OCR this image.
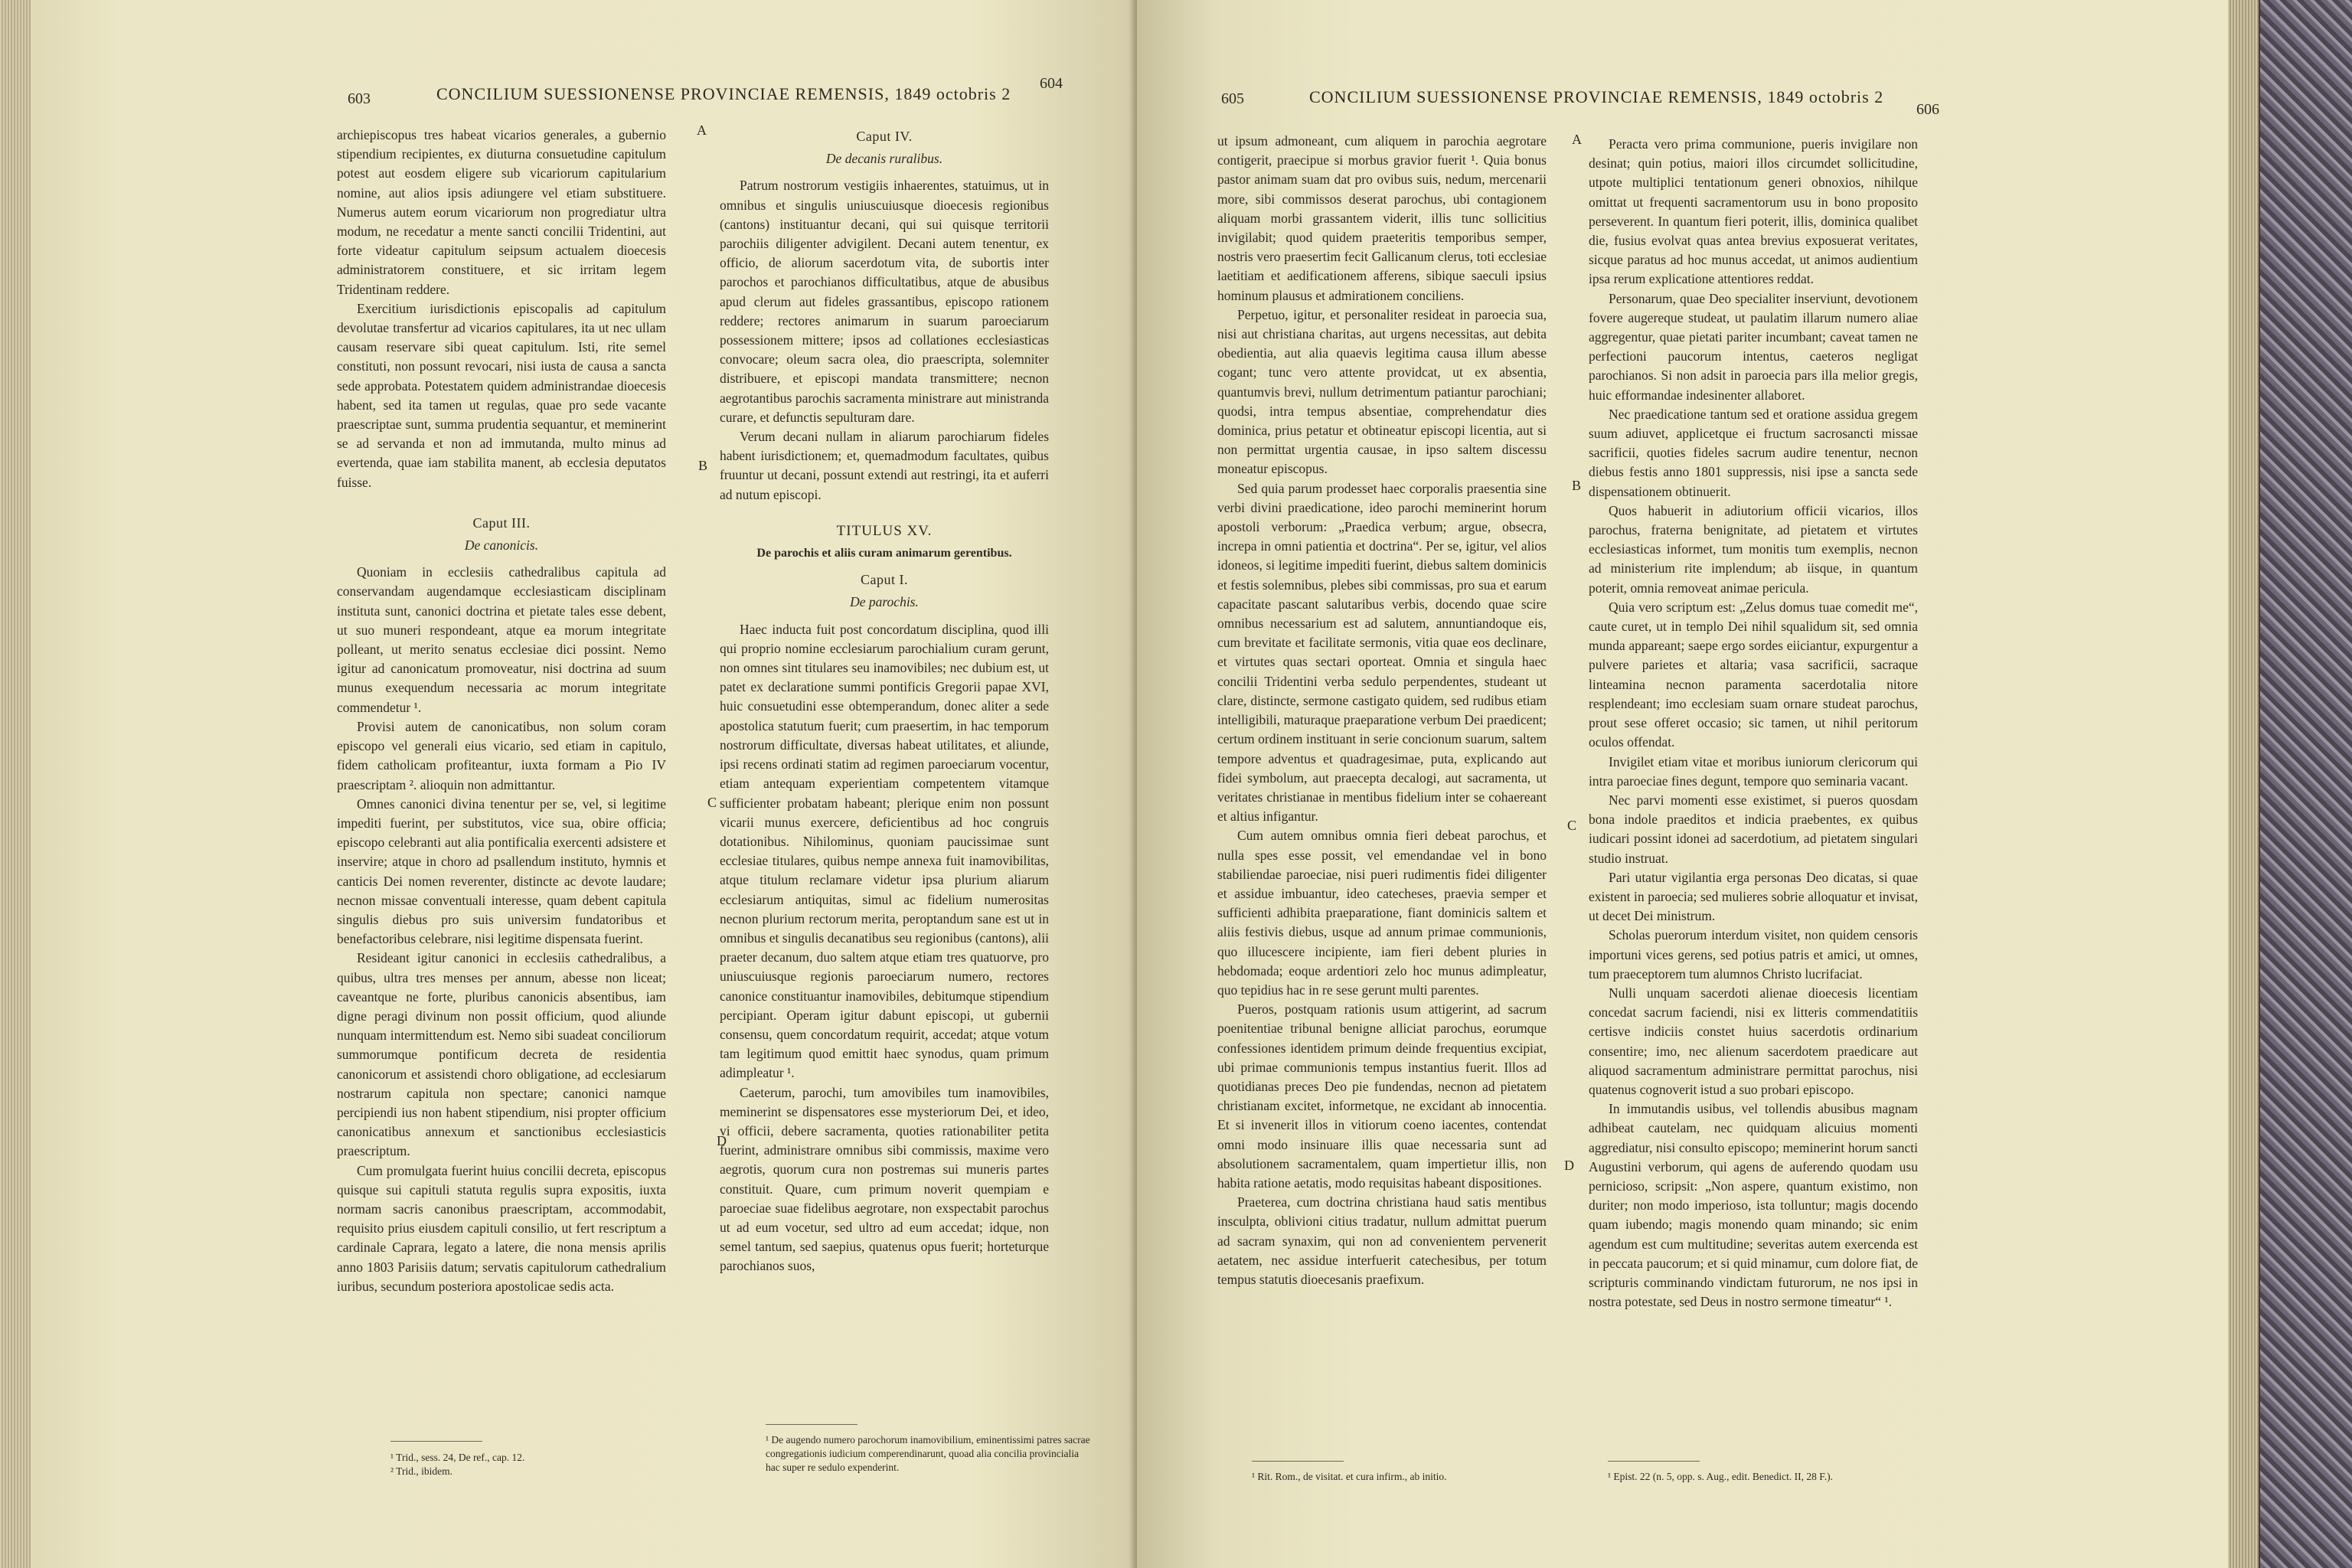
603	CONCILIUM SUESSIONENSE PROVINCIAE REMENSIS, 1849 octobris 2
604

archiepiscopus tres habeat vicarios generales, a gubernio stipendium recipientes, ex diuturna consuetudine capitulum potest aut eosdem eligere sub vicariorum capitularium nomine, aut alios ipsis adiungere vel etiam substituere. Numerus autem eorum vicariorum non progrediatur ultra modum, ne recedatur a mente sancti concilii Tridentini, aut forte videatur capitulum seipsum actualem dioecesis administratorem constituere, et sic irritam legem Tridentinam reddere.

Exercitium iurisdictionis episcopalis ad capitulum devolutae transfertur ad vicarios capitulares, ita ut nec ullam causam reservare sibi queat capitulum. Isti, rite semel constituti, non possunt revocari, nisi iusta de causa a sancta sede approbata. Potestatem quidem administrandae dioecesis habent, sed ita tamen ut regulas, quae pro sede vacante praescriptae sunt, summa prudentia sequantur, et meminerint se ad servanda et non ad immutanda, multo minus ad evertenda, quae iam stabilita manent, ab ecclesia deputatos fuisse.

Caput III.
De canonicis.

Quoniam in ecclesiis cathedralibus capitula ad conservandam augendamque ecclesiasticam disciplinam instituta sunt, canonici doctrina et pietate tales esse debent, ut suo muneri respondeant, atque ea morum integritate polleant, ut merito senatus ecclesiae dici possint. Nemo igitur ad canonicatum promoveatur, nisi doctrina ad suum munus exequendum necessaria ac morum integritate commendetur ¹.

Provisi autem de canonicatibus, non solum coram episcopo vel generali eius vicario, sed etiam in capitulo, fidem catholicam profiteantur, iuxta formam a Pio IV praescriptam ². alioquin non admittantur.

Omnes canonici divina tenentur per se, vel, si legitime impediti fuerint, per substitutos, vice sua, obire officia; episcopo celebranti aut alia pontificalia exercenti adsistere et inservire; atque in choro ad psallendum instituto, hymnis et canticis Dei nomen reverenter, distincte ac devote laudare; necnon missae conventuali interesse, quam debent capitula singulis diebus pro suis universim fundatoribus et benefactoribus celebrare, nisi legitime dispensata fuerint.

Resideant igitur canonici in ecclesiis cathedralibus, a quibus, ultra tres menses per annum, abesse non liceat; caveantque ne forte, pluribus canonicis absentibus, iam digne peragi divinum non possit officium, quod aliunde nunquam intermittendum est. Nemo sibi suadeat conciliorum summorumque pontificum decreta de residentia canonicorum et assistendi choro obligatione, ad ecclesiarum nostrarum capitula non spectare; canonici namque percipiendi ius non habent stipendium, nisi propter officium canonicatibus annexum et sanctionibus ecclesiasticis praescriptum.

Cum promulgata fuerint huius concilii decreta, episcopus quisque sui capituli statuta regulis supra expositis, iuxta normam sacris canonibus praescriptam, accommodabit, requisito prius eiusdem capituli consilio, ut fert rescriptum a cardinale Caprara, legato a latere, die nona mensis aprilis anno 1803 Parisiis datum; servatis capitulorum cathedralium iuribus, secundum posteriora apostolicae sedis acta.

¹ Trid., sess. 24, De ref., cap. 12.
² Trid., ibidem.
A
B
C
D
Caput IV.
De decanis ruralibus.

Patrum nostrorum vestigiis inhaerentes, statuimus, ut in omnibus et singulis uniuscuiusque dioecesis regionibus (cantons) instituantur decani, qui sui quisque territorii parochiis diligenter advigilent. Decani autem tenentur, ex officio, de aliorum sacerdotum vita, de subortis inter parochos et parochianos difficultatibus, atque de abusibus apud clerum aut fideles grassantibus, episcopo rationem reddere; rectores animarum in suarum paroeciarum possessionem mittere; ipsos ad collationes ecclesiasticas convocare; oleum sacra olea, dio praescripta, solemniter distribuere, et episcopi mandata transmittere; necnon aegrotantibus parochis sacramenta ministrare aut ministranda curare, et defunctis sepulturam dare.

Verum decani nullam in aliarum parochiarum fideles habent iurisdictionem; et, quemadmodum facultates, quibus fruuntur ut decani, possunt extendi aut restringi, ita et auferri ad nutum episcopi.

TITULUS XV.
De parochis et aliis curam animarum gerentibus.
Caput I.
De parochis.

Haec inducta fuit post concordatum disciplina, quod illi qui proprio nomine ecclesiarum parochialium curam gerunt, non omnes sint titulares seu inamovibiles; nec dubium est, ut patet ex declaratione summi pontificis Gregorii papae XVI, huic consuetudini esse obtemperandum, donec aliter a sede apostolica statutum fuerit; cum praesertim, in hac temporum nostrorum difficultate, diversas habeat utilitates, et aliunde, ipsi recens ordinati statim ad regimen paroeciarum vocentur, etiam antequam experientiam competentem vitamque sufficienter probatam habeant; plerique enim non possunt vicarii munus exercere, deficientibus ad hoc congruis dotationibus. Nihilominus, quoniam paucissimae sunt ecclesiae titulares, quibus nempe annexa fuit inamovibilitas, atque titulum reclamare videtur ipsa plurium aliarum ecclesiarum antiquitas, simul ac fidelium numerositas necnon plurium rectorum merita, peroptandum sane est ut in omnibus et singulis decanatibus seu regionibus (cantons), alii praeter decanum, duo saltem atque etiam tres quatuorve, pro uniuscuiusque regionis paroeciarum numero, rectores canonice constituantur inamovibiles, debitumque stipendium percipiant. Operam igitur dabunt episcopi, ut gubernii consensu, quem concordatum requirit, accedat; atque votum tam legitimum quod emittit haec synodus, quam primum adimpleatur ¹.

Caeterum, parochi, tum amovibiles tum inamovibiles, meminerint se dispensatores esse mysteriorum Dei, et ideo, vi officii, debere sacramenta, quoties rationabiliter petita fuerint, administrare omnibus sibi commissis, maxime vero aegrotis, quorum cura non postremas sui muneris partes constituit. Quare, cum primum noverit quempiam e paroeciae suae fidelibus aegrotare, non exspectabit parochus ut ad eum vocetur, sed ultro ad eum accedat; idque, non semel tantum, sed saepius, quatenus opus fuerit; horteturque parochianos suos,

¹ De augendo numero parochorum inamovibilium, eminentissimi patres sacrae congregationis iudicium comperendinarunt, quoad alia concilia provincialia hac super re sedulo expenderint.
605	CONCILIUM SUESSIONENSE PROVINCIAE REMENSIS, 1849 octobris 2
606

ut ipsum admoneant, cum aliquem in parochia aegrotare contigerit, praecipue si morbus gravior fuerit ¹. Quia bonus pastor animam suam dat pro ovibus suis, nedum, mercenarii more, sibi commissos deserat parochus, ubi contagionem aliquam morbi grassantem viderit, illis tunc sollicitius invigilabit; quod quidem praeteritis temporibus semper, nostris vero praesertim fecit Gallicanum clerus, toti ecclesiae laetitiam et aedificationem afferens, sibique saeculi ipsius hominum plausus et admirationem conciliens.

Perpetuo, igitur, et personaliter resideat in paroecia sua, nisi aut christiana charitas, aut urgens necessitas, aut debita obedientia, aut alia quaevis legitima causa illum abesse cogant; tunc vero attente providcat, ut ex absentia, quantumvis brevi, nullum detrimentum patiantur parochiani; quodsi, intra tempus absentiae, comprehendatur dies dominica, prius petatur et obtineatur episcopi licentia, aut si non permittat urgentia causae, in ipso saltem discessu moneatur episcopus.

Sed quia parum prodesset haec corporalis praesentia sine verbi divini praedicatione, ideo parochi meminerint horum apostoli verborum: „Praedica verbum; argue, obsecra, increpa in omni patientia et doctrina“. Per se, igitur, vel alios idoneos, si legitime impediti fuerint, diebus saltem dominicis et festis solemnibus, plebes sibi commissas, pro sua et earum capacitate pascant salutaribus verbis, docendo quae scire omnibus necessarium est ad salutem, annuntiandoque eis, cum brevitate et facilitate sermonis, vitia quae eos declinare, et virtutes quas sectari oporteat. Omnia et singula haec concilii Tridentini verba sedulo perpendentes, studeant ut clare, distincte, sermone castigato quidem, sed rudibus etiam intelligibili, maturaque praeparatione verbum Dei praedicent; certum ordinem instituant in serie concionum suarum, saltem tempore adventus et quadragesimae, puta, explicando aut fidei symbolum, aut praecepta decalogi, aut sacramenta, ut veritates christianae in mentibus fidelium inter se cohaereant et altius infigantur.

Cum autem omnibus omnia fieri debeat parochus, et nulla spes esse possit, vel emendandae vel in bono stabiliendae paroeciae, nisi pueri rudimentis fidei diligenter et assidue imbuantur, ideo catecheses, praevia semper et sufficienti adhibita praeparatione, fiant dominicis saltem et aliis festivis diebus, usque ad annum primae communionis, quo illucescere incipiente, iam fieri debent pluries in hebdomada; eoque ardentiori zelo hoc munus adimpleatur, quo tepidius hac in re sese gerunt multi parentes.

Pueros, postquam rationis usum attigerint, ad sacrum poenitentiae tribunal benigne alliciat parochus, eorumque confessiones identidem primum deinde frequentius excipiat, ubi primae communionis tempus instantius fuerit. Illos ad quotidianas preces Deo pie fundendas, necnon ad pietatem christianam excitet, informetque, ne excidant ab innocentia. Et si invenerit illos in vitiorum coeno iacentes, contendat omni modo insinuare illis quae necessaria sunt ad absolutionem sacramentalem, quam impertietur illis, non habita ratione aetatis, modo requisitas habeant dispositiones.

Praeterea, cum doctrina christiana haud satis mentibus insculpta, oblivioni citius tradatur, nullum admittat puerum ad sacram synaxim, qui non ad convenientem pervenerit aetatem, nec assidue interfuerit catechesibus, per totum tempus statutis dioecesanis praefixum.

¹ Rit. Rom., de visitat. et cura infirm., ab initio.
A
B
C
D

Peracta vero prima communione, pueris invigilare non desinat; quin potius, maiori illos circumdet sollicitudine, utpote multiplici tentationum generi obnoxios, nihilque omittat ut frequenti sacramentorum usu in bono proposito perseverent. In quantum fieri poterit, illis, dominica qualibet die, fusius evolvat quas antea brevius exposuerat veritates, sicque paratus ad hoc munus accedat, ut animos audientium ipsa rerum explicatione attentiores reddat.

Personarum, quae Deo specialiter inserviunt, devotionem fovere augereque studeat, ut paulatim illarum numero aliae aggregentur, quae pietati pariter incumbant; caveat tamen ne perfectioni paucorum intentus, caeteros negligat parochianos. Si non adsit in paroecia pars illa melior gregis, huic efformandae indesinenter allaboret.

Nec praedicatione tantum sed et oratione assidua gregem suum adiuvet, applicetque ei fructum sacrosancti missae sacrificii, quoties fideles sacrum audire tenentur, necnon diebus festis anno 1801 suppressis, nisi ipse a sancta sede dispensationem obtinuerit.

Quos habuerit in adiutorium officii vicarios, illos parochus, fraterna benignitate, ad pietatem et virtutes ecclesiasticas informet, tum monitis tum exemplis, necnon ad ministerium rite implendum; ab iisque, in quantum poterit, omnia removeat animae pericula.

Quia vero scriptum est: „Zelus domus tuae comedit me“, caute curet, ut in templo Dei nihil squalidum sit, sed omnia munda appareant; saepe ergo sordes eiiciantur, expurgentur a pulvere parietes et altaria; vasa sacrificii, sacraque linteamina necnon paramenta sacerdotalia nitore resplendeant; imo ecclesiam suam ornare studeat parochus, prout sese offeret occasio; sic tamen, ut nihil peritorum oculos offendat.

Invigilet etiam vitae et moribus iuniorum clericorum qui intra paroeciae fines degunt, tempore quo seminaria vacant.

Nec parvi momenti esse existimet, si pueros quosdam bona indole praeditos et indicia praebentes, ex quibus iudicari possint idonei ad sacerdotium, ad pietatem singulari studio instruat.

Pari utatur vigilantia erga personas Deo dicatas, si quae existent in paroecia; sed mulieres sobrie alloquatur et invisat, ut decet Dei ministrum.

Scholas puerorum interdum visitet, non quidem censoris importuni vices gerens, sed potius patris et amici, ut omnes, tum praeceptorem tum alumnos Christo lucrifaciat.

Nulli unquam sacerdoti alienae dioecesis licentiam concedat sacrum faciendi, nisi ex litteris commendatitiis certisve indiciis constet huius sacerdotis ordinarium consentire; imo, nec alienum sacerdotem praedicare aut aliquod sacramentum administrare permittat parochus, nisi quatenus cognoverit istud a suo probari episcopo.

In immutandis usibus, vel tollendis abusibus magnam adhibeat cautelam, nec quidquam alicuius momenti aggrediatur, nisi consulto episcopo; meminerint horum sancti Augustini verborum, qui agens de auferendo quodam usu pernicioso, scripsit: „Non aspere, quantum existimo, non duriter; non modo imperioso, ista tolluntur; magis docendo quam iubendo; magis monendo quam minando; sic enim agendum est cum multitudine; severitas autem exercenda est in peccata paucorum; et si quid minamur, cum dolore fiat, de scripturis comminando vindictam futurorum, ne nos ipsi in nostra potestate, sed Deus in nostro sermone timeatur“ ¹.

¹ Epist. 22 (n. 5, opp. s. Aug., edit. Benedict. II, 28 F.).
